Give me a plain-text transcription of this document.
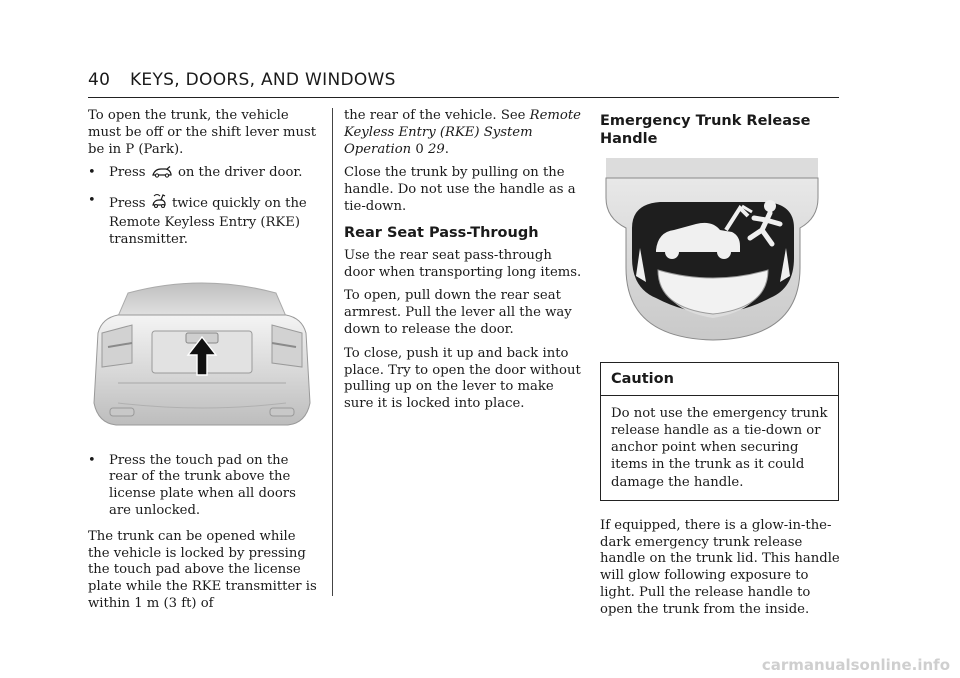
40 KEYS, DOORS, AND WINDOWS

To open the trunk, the vehicle must be off or the shift lever must be in P (Park).

• Press on the driver door.
• Press twice quickly on the Remote Keyless Entry (RKE) transmitter.
• Press the touch pad on the rear of the trunk above the license plate when all doors are unlocked.

The trunk can be opened while the vehicle is locked by pressing the touch pad above the license plate while the RKE transmitter is within 1 m (3 ft) of

the rear of the vehicle. See Remote Keyless Entry (RKE) System Operation 0 29.

Close the trunk by pulling on the handle. Do not use the handle as a tie-down.

Rear Seat Pass-Through

Use the rear seat pass-through door when transporting long items.

To open, pull down the rear seat armrest. Pull the lever all the way down to release the door.

To close, push it up and back into place. Try to open the door without pulling up on the lever to make sure it is locked into place.

Emergency Trunk Release Handle
Caution
Do not use the emergency trunk release handle as a tie-down or anchor point when securing items in the trunk as it could damage the handle.

If equipped, there is a glow-in-the-dark emergency trunk release handle on the trunk lid. This handle will glow following exposure to light. Pull the release handle to open the trunk from the inside.

carmanualsonline.info
